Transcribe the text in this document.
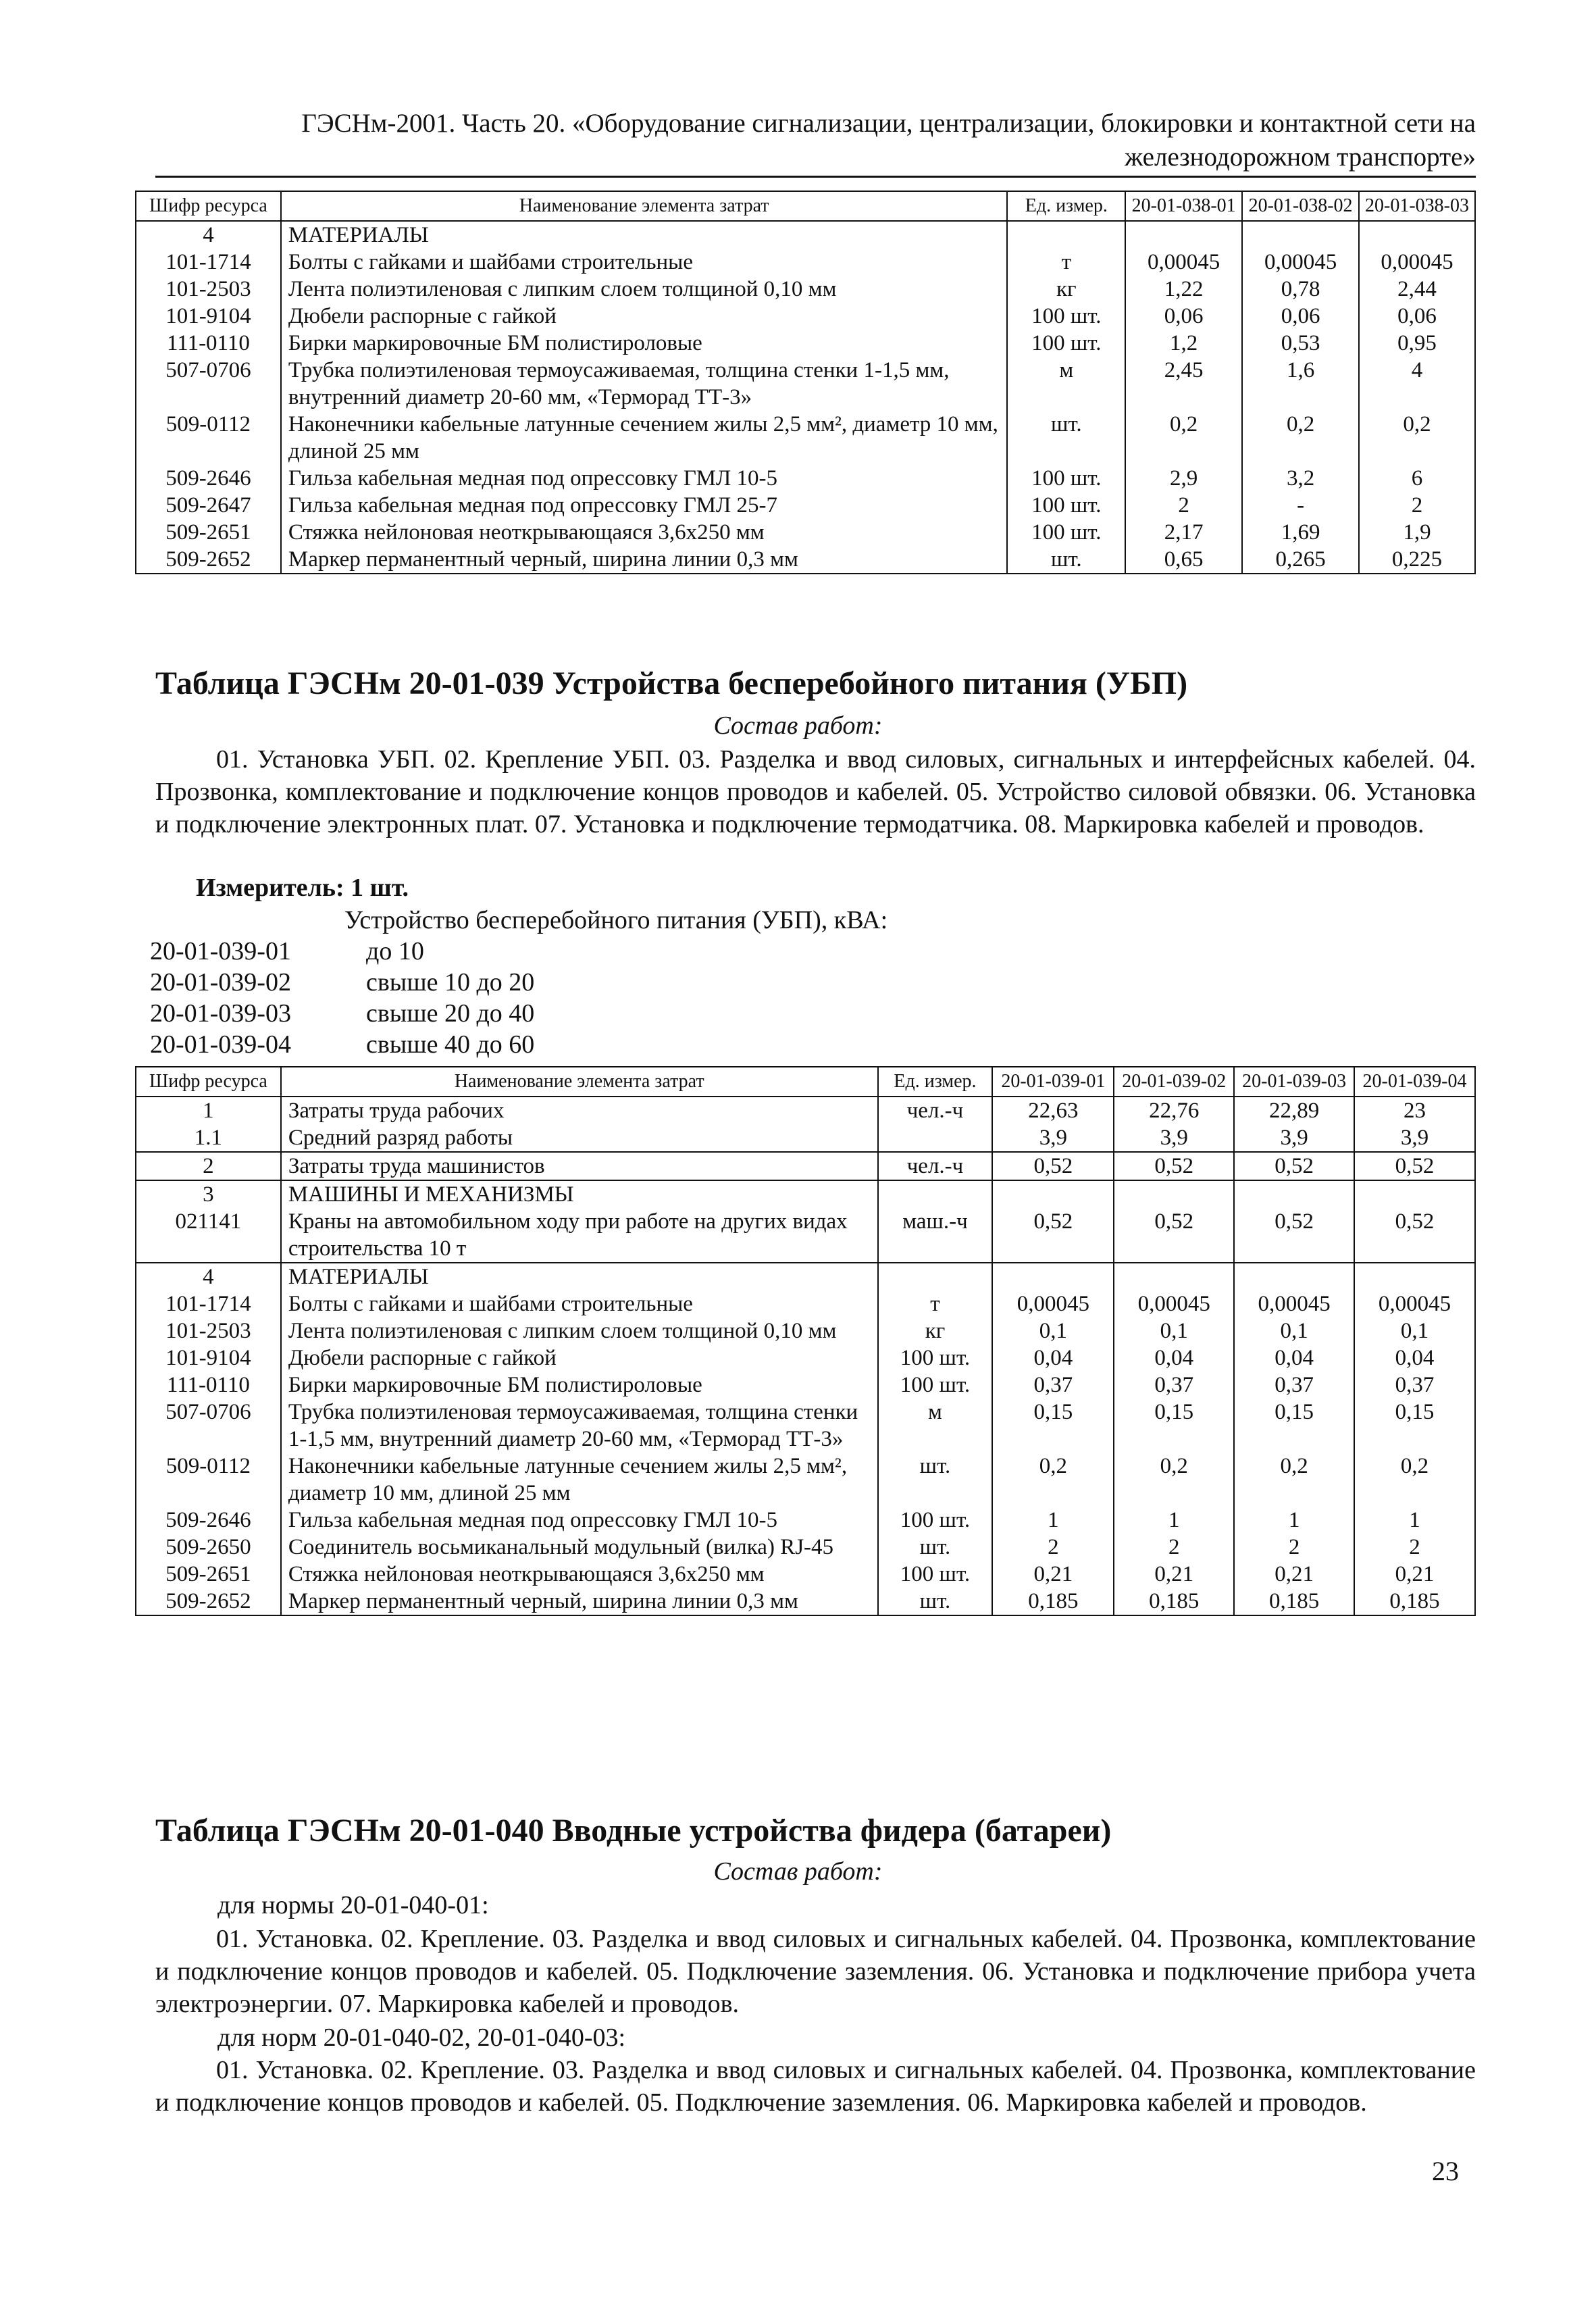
ГЭСНм-2001. Часть 20. «Оборудование сигнализации, централизации, блокировки и контактной сети на
железнодорожном транспорте»
Шифр ресурса	Наименование элемента затрат	Ед. измер.	20-01-038-01	20-01-038-02	20-01-038-03
4	МАТЕРИАЛЫ				
101-1714	Болты с гайками и шайбами строительные	т	0,00045	0,00045	0,00045
101-2503	Лента полиэтиленовая с липким слоем толщиной 0,10 мм	кг	1,22	0,78	2,44
101-9104	Дюбели распорные с гайкой	100 шт.	0,06	0,06	0,06
111-0110	Бирки маркировочные БМ полистироловые	100 шт.	1,2	0,53	0,95
507-0706	Трубка полиэтиленовая термоусаживаемая, толщина стенки 1-1,5 мм, внутренний диаметр 20-60 мм, «Терморад ТТ-3»	м	2,45	1,6	4
509-0112	Наконечники кабельные латунные сечением жилы 2,5 мм², диаметр 10 мм, длиной 25 мм	шт.	0,2	0,2	0,2
509-2646	Гильза кабельная медная под опрессовку ГМЛ 10-5	100 шт.	2,9	3,2	6
509-2647	Гильза кабельная медная под опрессовку ГМЛ 25-7	100 шт.	2	-	2
509-2651	Стяжка нейлоновая неоткрывающаяся 3,6х250 мм	100 шт.	2,17	1,69	1,9
509-2652	Маркер перманентный черный, ширина линии 0,3 мм	шт.	0,65	0,265	0,225
Таблица ГЭСНм 20-01-039 Устройства бесперебойного питания (УБП)
Состав работ:
01. Установка УБП. 02. Крепление УБП. 03. Разделка и ввод силовых, сигнальных и интерфейсных кабелей. 04. Прозвонка, комплектование и подключение концов проводов и кабелей. 05. Устройство силовой обвязки. 06. Установка и подключение электронных плат. 07. Установка и подключение термодатчика. 08. Маркировка кабелей и проводов.
Измеритель: 1 шт.
Устройство бесперебойного питания (УБП), кВА:
20-01-039-01	до 10
20-01-039-02	свыше 10 до 20
20-01-039-03	свыше 20 до 40
20-01-039-04	свыше 40 до 60
Шифр ресурса	Наименование элемента затрат	Ед. измер.	20-01-039-01	20-01-039-02	20-01-039-03	20-01-039-04
1	Затраты труда рабочих	чел.-ч	22,63	22,76	22,89	23
1.1	Средний разряд работы		3,9	3,9	3,9	3,9
2	Затраты труда машинистов	чел.-ч	0,52	0,52	0,52	0,52
3	МАШИНЫ И МЕХАНИЗМЫ					
021141	Краны на автомобильном ходу при работе на других видах строительства 10 т	маш.-ч	0,52	0,52	0,52	0,52
4	МАТЕРИАЛЫ					
101-1714	Болты с гайками и шайбами строительные	т	0,00045	0,00045	0,00045	0,00045
101-2503	Лента полиэтиленовая с липким слоем толщиной 0,10 мм	кг	0,1	0,1	0,1	0,1
101-9104	Дюбели распорные с гайкой	100 шт.	0,04	0,04	0,04	0,04
111-0110	Бирки маркировочные БМ полистироловые	100 шт.	0,37	0,37	0,37	0,37
507-0706	Трубка полиэтиленовая термоусаживаемая, толщина стенки 1-1,5 мм, внутренний диаметр 20-60 мм, «Терморад ТТ-3»	м	0,15	0,15	0,15	0,15
509-0112	Наконечники кабельные латунные сечением жилы 2,5 мм², диаметр 10 мм, длиной 25 мм	шт.	0,2	0,2	0,2	0,2
509-2646	Гильза кабельная медная под опрессовку ГМЛ 10-5	100 шт.	1	1	1	1
509-2650	Соединитель восьмиканальный модульный (вилка) RJ-45	шт.	2	2	2	2
509-2651	Стяжка нейлоновая неоткрывающаяся 3,6х250 мм	100 шт.	0,21	0,21	0,21	0,21
509-2652	Маркер перманентный черный, ширина линии 0,3 мм	шт.	0,185	0,185	0,185	0,185
Таблица ГЭСНм 20-01-040 Вводные устройства фидера (батареи)
Состав работ:
для нормы 20-01-040-01:
01. Установка. 02. Крепление. 03. Разделка и ввод силовых и сигнальных кабелей. 04. Прозвонка, комплектование и подключение концов проводов и кабелей. 05. Подключение заземления. 06. Установка и подключение прибора учета электроэнергии. 07. Маркировка кабелей и проводов.
для норм 20-01-040-02, 20-01-040-03:
01. Установка. 02. Крепление. 03. Разделка и ввод силовых и сигнальных кабелей. 04. Прозвонка, комплектование и подключение концов проводов и кабелей. 05. Подключение заземления. 06. Маркировка кабелей и проводов.
23
